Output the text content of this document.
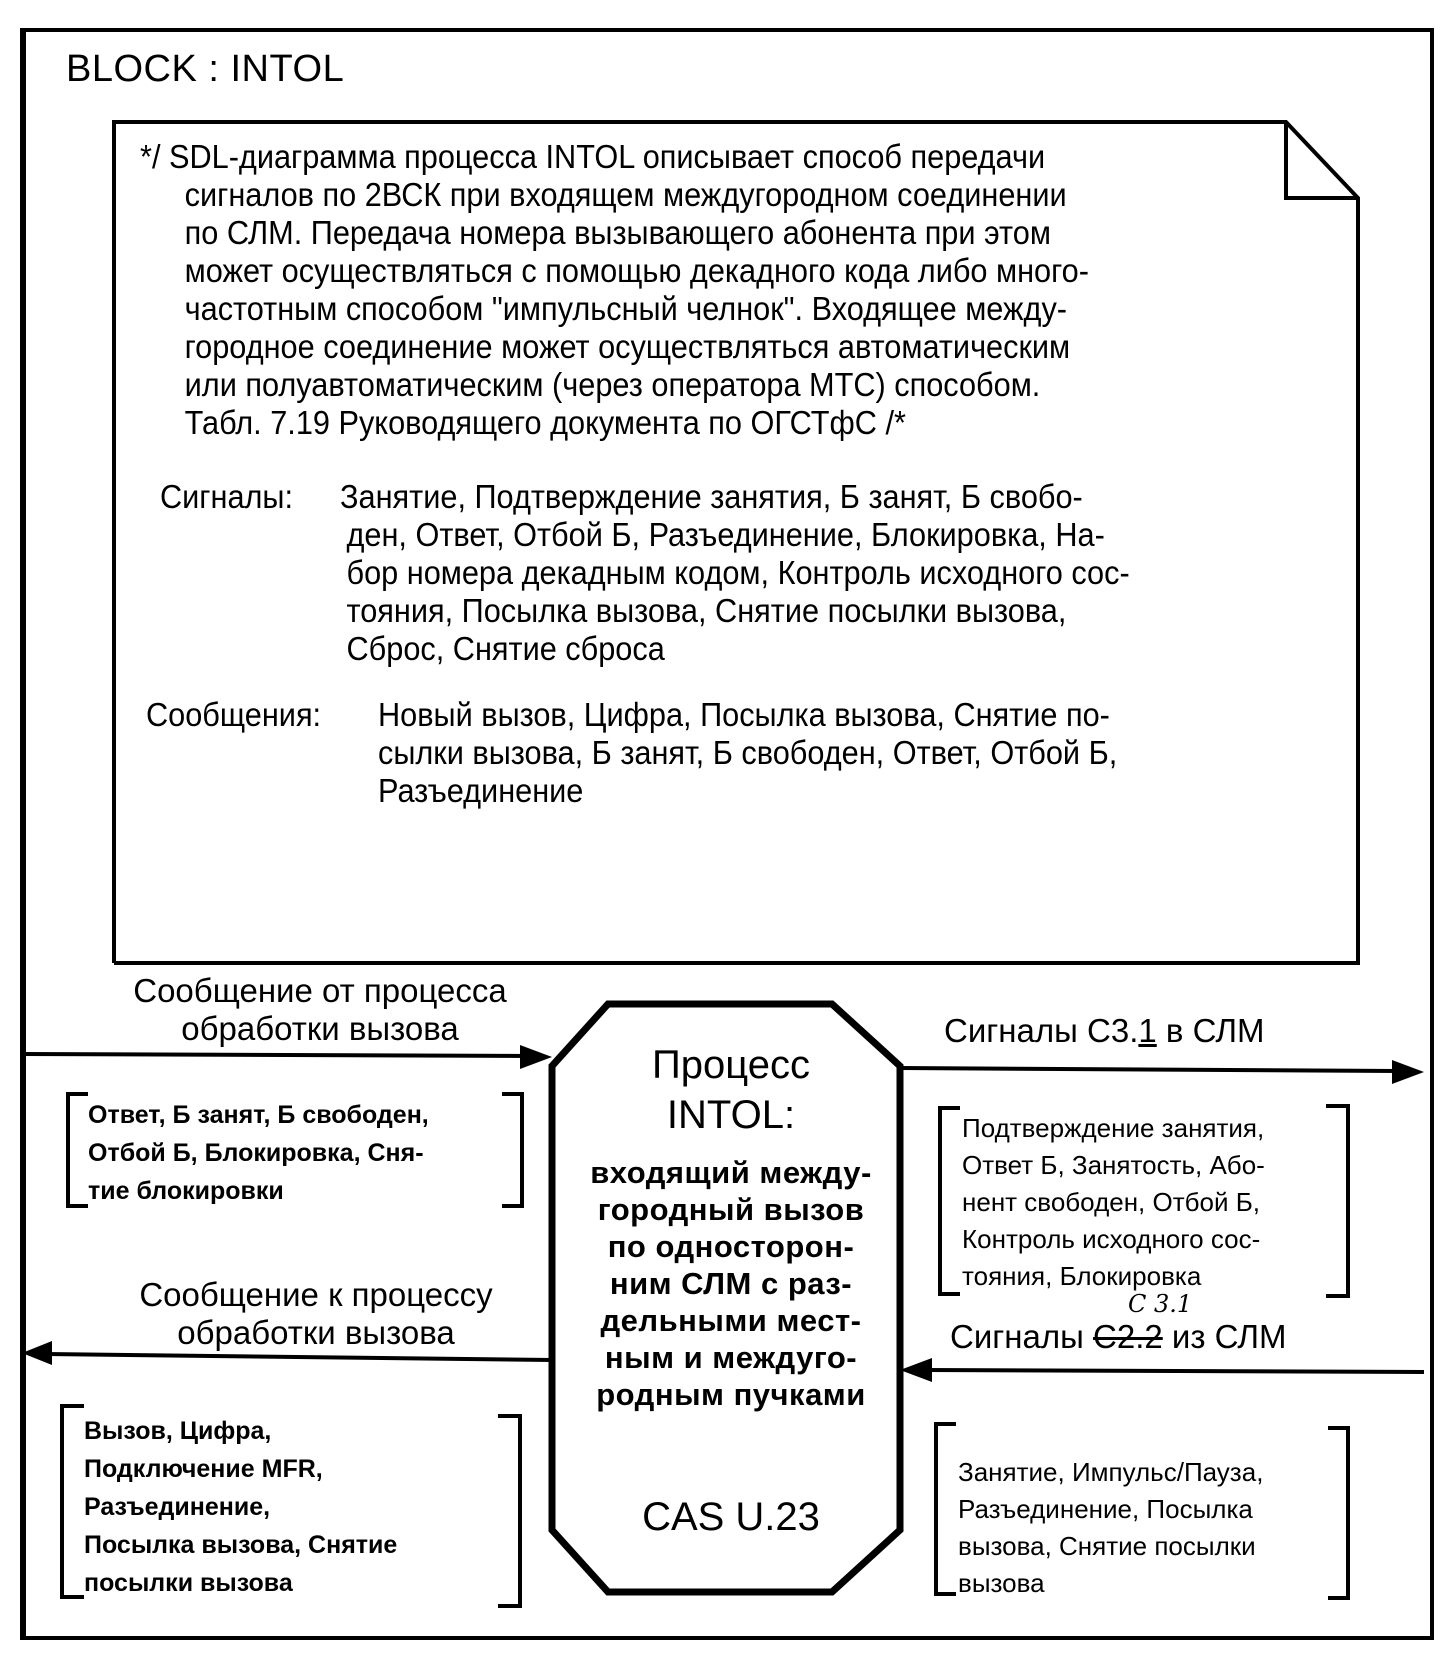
BLOCK : INTOL
*/ SDL-диаграмма процесса INTOL описывает способ передачи
сигналов по 2ВСК при входящем междугородном соединении
по СЛМ. Передача номера вызывающего абонента при этом
может осуществляться с помощью декадного кода либо много-
частотным способом "импульсный челнок". Входящее между-
городное соединение может осуществляться автоматическим
или полуавтоматическим (через оператора МТС) способом.
Табл. 7.19 Руководящего документа по ОГСТфС /*
Сигналы: Занятие, Подтверждение занятия, Б занят, Б свобо-
ден, Ответ, Отбой Б, Разъединение, Блокировка, На-
бор номера декадным кодом, Контроль исходного сос-
тояния, Посылка вызова, Снятие посылки вызова,
Сброс, Снятие сброса
Сообщения: Новый вызов, Цифра, Посылка вызова, Снятие по-
сылки вызова, Б занят, Б свободен, Ответ, Отбой Б,
Разъединение
Процесс
INTOL:
входящий между-
городный вызов
по односторон-
ним СЛМ с раз-
дельными мест-
ным и междуго-
родным пучками
CAS U.23
Сообщение от процесса
обработки вызова
Ответ, Б занят, Б свободен,
Отбой Б, Блокировка, Сня-
тие блокировки
Сообщение к процессу
обработки вызова
Вызов, Цифра,
Подключение MFR,
Разъединение,
Посылка вызова, Снятие
посылки вызова
Сигналы С3.1 в СЛМ
Подтверждение занятия,
Ответ Б, Занятость, Або-
нент свободен, Отбой Б,
Контроль исходного сос-
тояния, Блокировка
C 3.1
Сигналы С2.2 из СЛМ
Занятие, Импульс/Пауза,
Разъединение, Посылка
вызова, Снятие посылки
вызова
